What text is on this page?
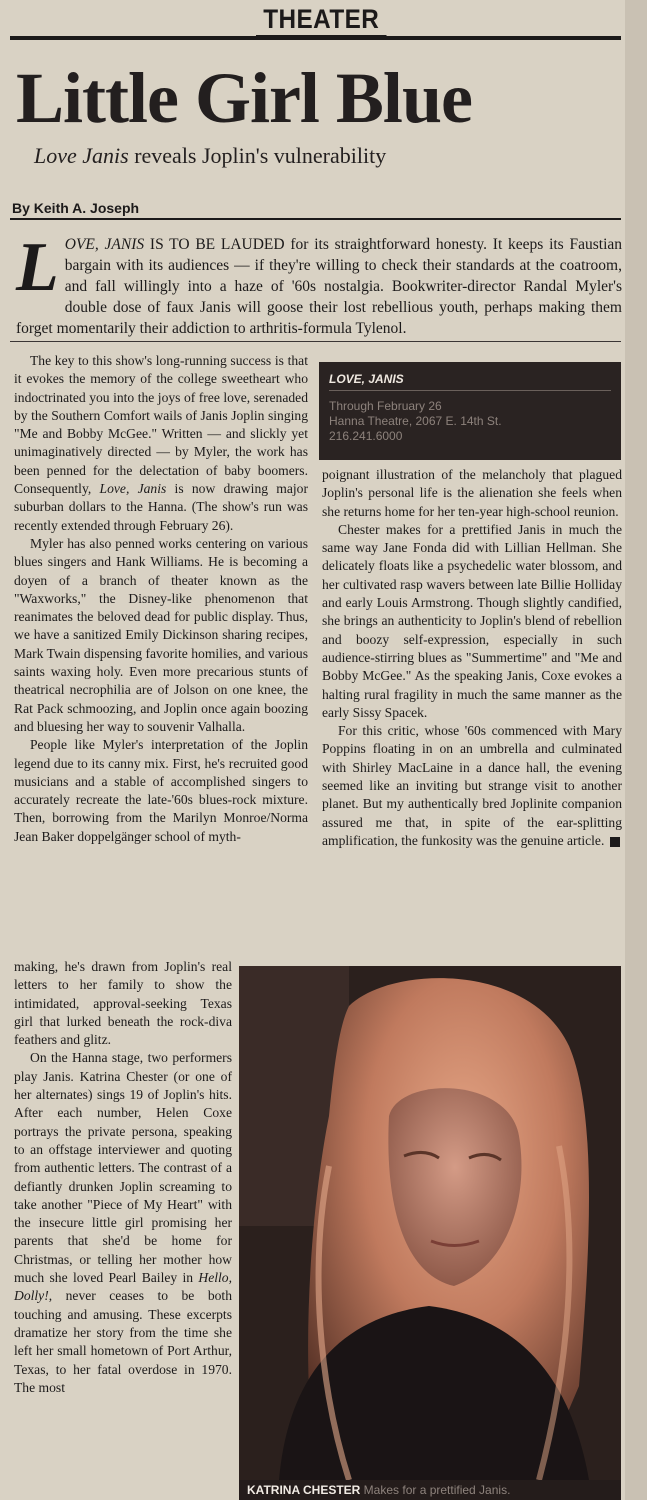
THEATER
Little Girl Blue
Love Janis reveals Joplin's vulnerability
By Keith A. Joseph
LOVE, JANIS IS TO BE LAUDED for its straightforward honesty. It keeps its Faustian bargain with its audiences — if they're willing to check their standards at the coatroom, and fall willingly into a haze of '60s nostalgia. Bookwriter-director Randal Myler's double dose of faux Janis will goose their lost rebellious youth, perhaps making them forget momentarily their addiction to arthritis-formula Tylenol.

The key to this show's long-running success is that it evokes the memory of the college sweetheart who indoctrinated you into the joys of free love, serenaded by the Southern Comfort wails of Janis Joplin singing "Me and Bobby McGee." Written — and slickly yet unimaginatively directed — by Myler, the work has been penned for the delectation of baby boomers. Consequently, Love, Janis is now drawing major suburban dollars to the Hanna. (The show's run was recently extended through February 26).

Myler has also penned works centering on various blues singers and Hank Williams. He is becoming a doyen of a branch of theater known as the "Waxworks," the Disney-like phenomenon that reanimates the beloved dead for public display. Thus, we have a sanitized Emily Dickinson sharing recipes, Mark Twain dispensing favorite homilies, and various saints waxing holy. Even more precarious stunts of theatrical necrophilia are of Jolson on one knee, the Rat Pack schmoozing, and Joplin once again boozing and bluesing her way to souvenir Valhalla.

People like Myler's interpretation of the Joplin legend due to its canny mix. First, he's recruited good musicians and a stable of accomplished singers to accurately recreate the late-'60s blues-rock mixture. Then, borrowing from the Marilyn Monroe/Norma Jean Baker doppelgänger school of myth-

making, he's drawn from Joplin's real letters to her family to show the intimidated, approval-seeking Texas girl that lurked beneath the rock-diva feathers and glitz.

On the Hanna stage, two performers play Janis. Katrina Chester (or one of her alternates) sings 19 of Joplin's hits. After each number, Helen Coxe portrays the private persona, speaking to an offstage interviewer and quoting from authentic letters. The contrast of a defiantly drunken Joplin screaming to take another "Piece of My Heart" with the insecure little girl promising her parents that she'd be home for Christmas, or telling her mother how much she loved Pearl Bailey in Hello, Dolly!, never ceases to be both touching and amusing. These excerpts dramatize her story from the time she left her small hometown of Port Arthur, Texas, to her fatal overdose in 1970. The most

LOVE, JANIS
Through February 26
Hanna Theatre, 2067 E. 14th St.
216.241.6000

poignant illustration of the melancholy that plagued Joplin's personal life is the alienation she feels when she returns home for her ten-year high-school reunion.

Chester makes for a prettified Janis in much the same way Jane Fonda did with Lillian Hellman. She delicately floats like a psychedelic water blossom, and her cultivated rasp wavers between late Billie Holliday and early Louis Armstrong. Though slightly candified, she brings an authenticity to Joplin's blend of rebellion and boozy self-expression, especially in such audience-stirring blues as "Summertime" and "Me and Bobby McGee." As the speaking Janis, Coxe evokes a halting rural fragility in much the same manner as the early Sissy Spacek.

For this critic, whose '60s commenced with Mary Poppins floating in on an umbrella and culminated with Shirley MacLaine in a dance hall, the evening seemed like an inviting but strange visit to another planet. But my authentically bred Joplinite companion assured me that, in spite of the ear-splitting amplification, the funkosity was the genuine article.

KATRINA CHESTER Makes for a prettified Janis.
